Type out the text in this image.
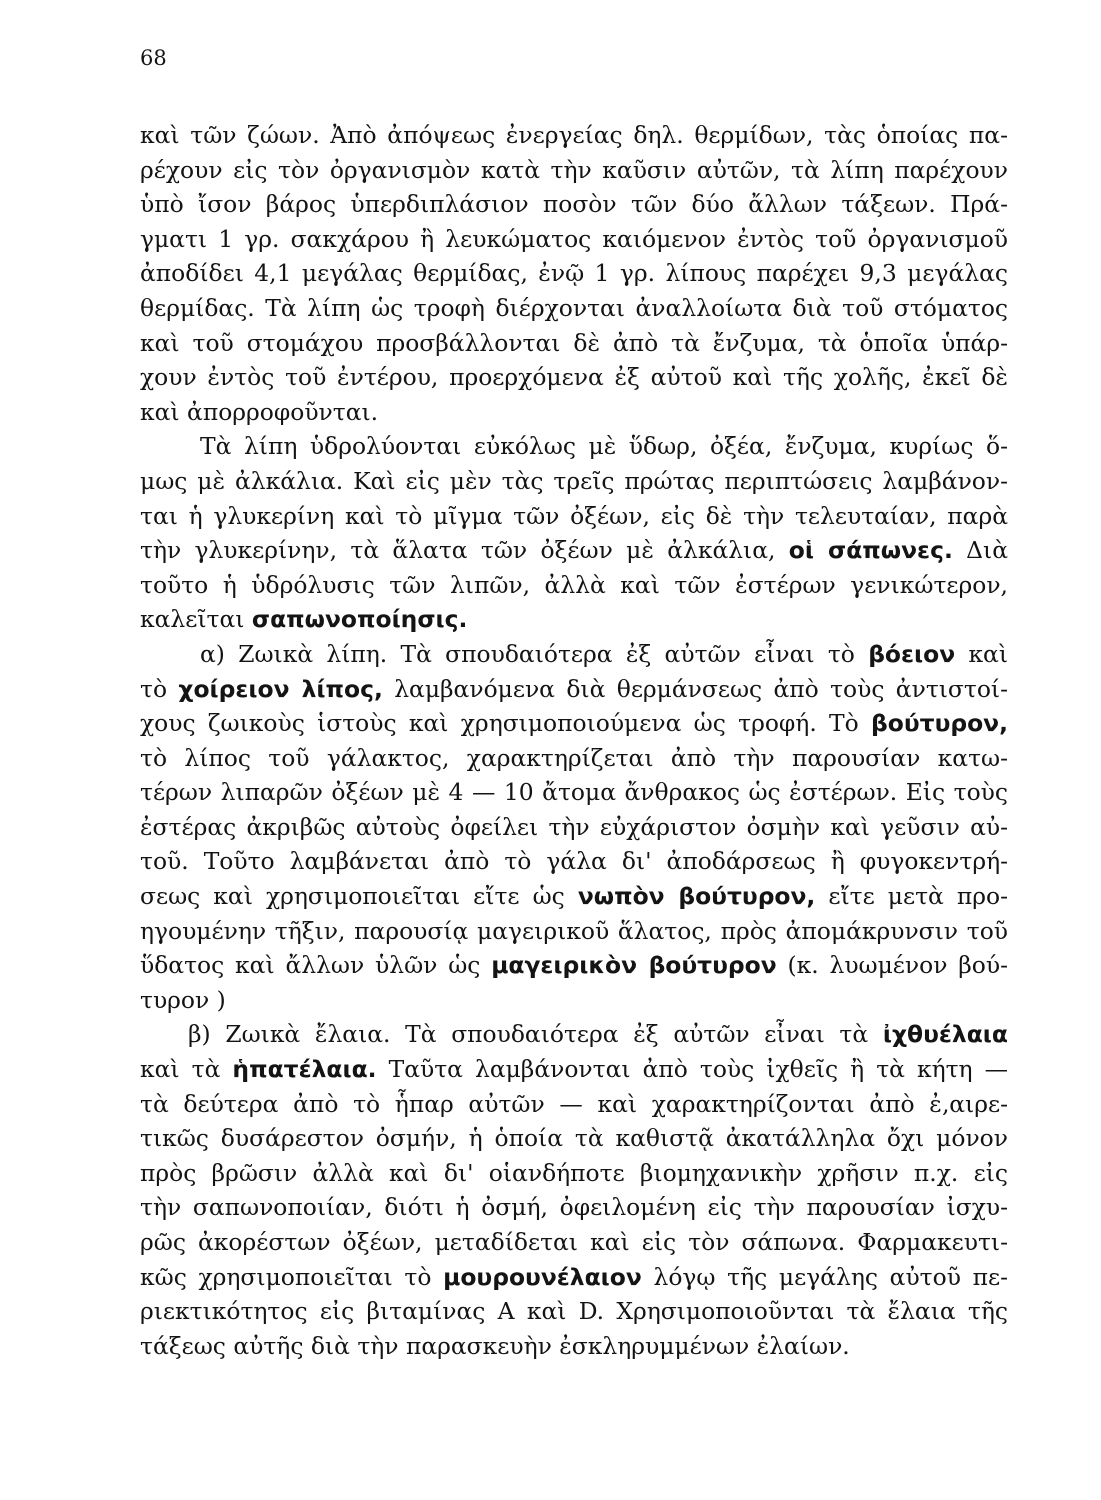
68
καὶ τῶν ζώων. Ἀπὸ ἀπόψεως ἐνεργείας δηλ. θερμίδων, τὰς ὁποίας πα-
ρέχουν εἰς τὸν ὀργανισμὸν κατὰ τὴν καῦσιν αὐτῶν, τὰ λίπη παρέχουν
ὑπὸ ἴσον βάρος ὑπερδιπλάσιον ποσὸν τῶν δύο ἄλλων τάξεων. Πρά-
γματι 1 γρ. σακχάρου ἢ λευκώματος καιόμενον ἐντὸς τοῦ ὀργανισμοῦ
ἀποδίδει 4,1 μεγάλας θερμίδας, ἐνῷ 1 γρ. λίπους παρέχει 9,3 μεγάλας
θερμίδας. Τὰ λίπη ὡς τροφὴ διέρχονται ἀναλλοίωτα διὰ τοῦ στόματος
καὶ τοῦ στομάχου προσβάλλονται δὲ ἀπὸ τὰ ἔνζυμα, τὰ ὁποῖα ὑπάρ-
χουν ἐντὸς τοῦ ἐντέρου, προερχόμενα ἐξ αὐτοῦ καὶ τῆς χολῆς, ἐκεῖ δὲ
καὶ ἀπορροφοῦνται.
Τὰ λίπη ὑδρολύονται εὐκόλως μὲ ὕδωρ, ὀξέα, ἔνζυμα, κυρίως ὅ-
μως μὲ ἀλκάλια. Καὶ εἰς μὲν τὰς τρεῖς πρώτας περιπτώσεις λαμβάνον-
ται ἡ γλυκερίνη καὶ τὸ μῖγμα τῶν ὀξέων, εἰς δὲ τὴν τελευταίαν, παρὰ
τὴν γλυκερίνην, τὰ ἅλατα τῶν ὀξέων μὲ ἀλκάλια, οἱ σάπωνες. Διὰ
τοῦτο ἡ ὑδρόλυσις τῶν λιπῶν, ἀλλὰ καὶ τῶν ἐστέρων γενικώτερον,
καλεῖται σαπωνοποίησις.
α) Ζωικὰ λίπη. Τὰ σπουδαιότερα ἐξ αὐτῶν εἶναι τὸ βόειον καὶ
τὸ χοίρειον λίπος, λαμβανόμενα διὰ θερμάνσεως ἀπὸ τοὺς ἀντιστοί-
χους ζωικοὺς ἱστοὺς καὶ χρησιμοποιούμενα ὡς τροφή. Τὸ βούτυρον,
τὸ λίπος τοῦ γάλακτος, χαρακτηρίζεται ἀπὸ τὴν παρουσίαν κατω-
τέρων λιπαρῶν ὀξέων μὲ 4 — 10 ἄτομα ἄνθρακος ὡς ἐστέρων. Εἰς τοὺς
ἐστέρας ἀκριβῶς αὐτοὺς ὀφείλει τὴν εὐχάριστον ὀσμὴν καὶ γεῦσιν αὐ-
τοῦ. Τοῦτο λαμβάνεται ἀπὸ τὸ γάλα δι' ἀποδάρσεως ἢ φυγοκεντρή-
σεως καὶ χρησιμοποιεῖται εἴτε ὡς νωπὸν βούτυρον, εἴτε μετὰ προ-
ηγουμένην τῆξιν, παρουσίᾳ μαγειρικοῦ ἅλατος, πρὸς ἀπομάκρυνσιν τοῦ
ὕδατος καὶ ἄλλων ὑλῶν ὡς μαγειρικὸν βούτυρον (κ. λυωμένον βού-
τυρον )
β) Ζωικὰ ἔλαια. Τὰ σπουδαιότερα ἐξ αὐτῶν εἶναι τὰ ἰχθυέλαια
καὶ τὰ ἡπατέλαια. Ταῦτα λαμβάνονται ἀπὸ τοὺς ἰχθεῖς ἢ τὰ κήτη —
τὰ δεύτερα ἀπὸ τὸ ἧπαρ αὐτῶν — καὶ χαρακτηρίζονται ἀπὸ ἐ‚αιρε-
τικῶς δυσάρεστον ὀσμήν, ἡ ὁποία τὰ καθιστᾷ ἀκατάλληλα ὄχι μόνον
πρὸς βρῶσιν ἀλλὰ καὶ δι' οἱανδήποτε βιομηχανικὴν χρῆσιν π.χ. εἰς
τὴν σαπωνοποιίαν, διότι ἡ ὀσμή, ὀφειλομένη εἰς τὴν παρουσίαν ἰσχυ-
ρῶς ἀκορέστων ὀξέων, μεταδίδεται καὶ εἰς τὸν σάπωνα. Φαρμακευτι-
κῶς χρησιμοποιεῖται τὸ μουρουνέλαιον λόγῳ τῆς μεγάλης αὐτοῦ πε-
ριεκτικότητος εἰς βιταμίνας Α καὶ D. Χρησιμοποιοῦνται τὰ ἔλαια τῆς
τάξεως αὐτῆς διὰ τὴν παρασκευὴν ἐσκληρυμμένων ἐλαίων.
